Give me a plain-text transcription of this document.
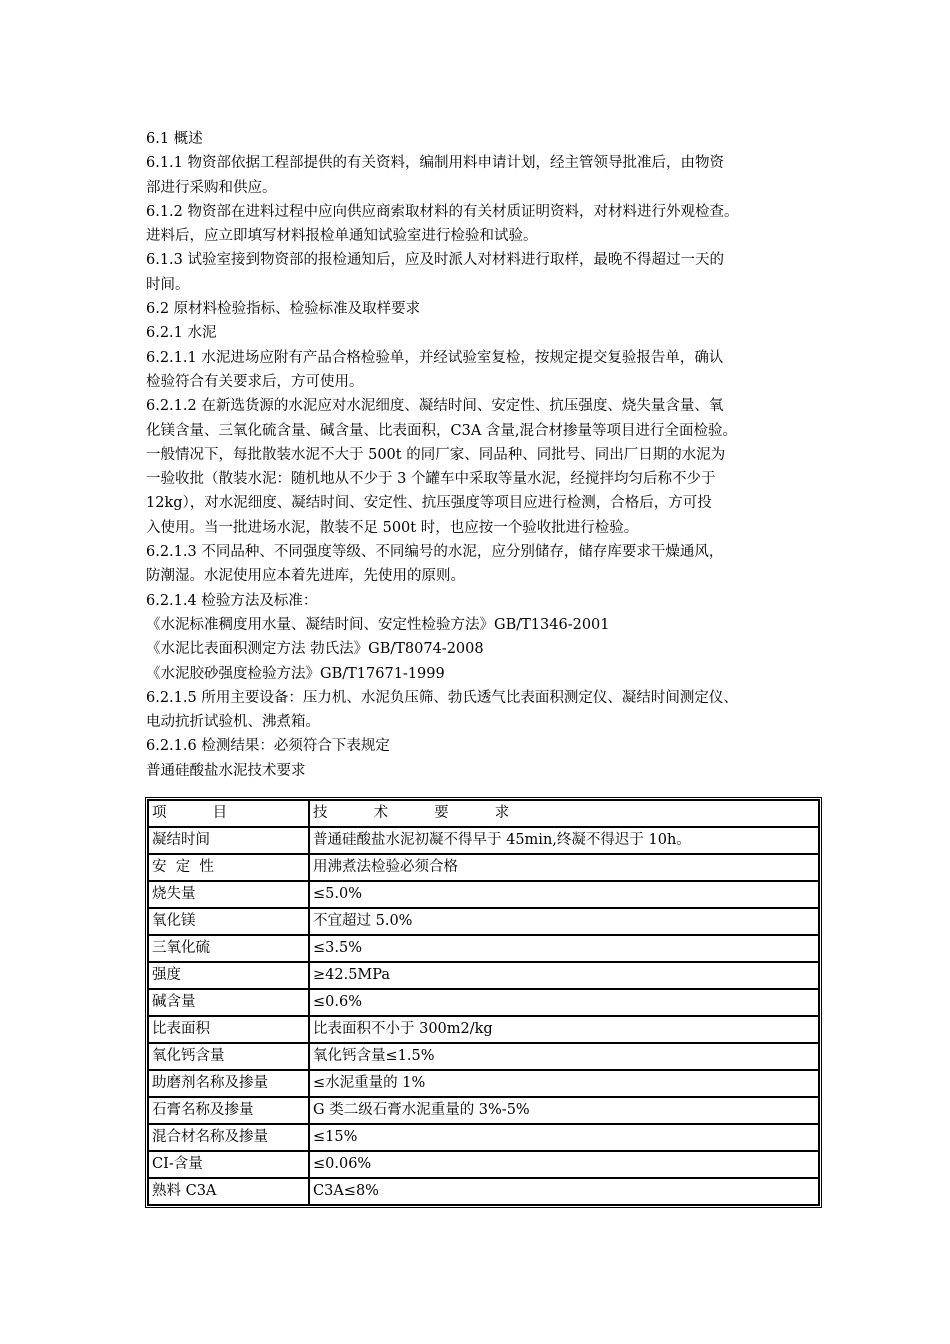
6.1 概述

6.1.1 物资部依据工程部提供的有关资料，编制用料申请计划，经主管领导批准后，由物资

部进行采购和供应。

6.1.2 物资部在进料过程中应向供应商索取材料的有关材质证明资料，对材料进行外观检查。

进料后，应立即填写材料报检单通知试验室进行检验和试验。

6.1.3 试验室接到物资部的报检通知后，应及时派人对材料进行取样，最晚不得超过一天的

时间。

6.2 原材料检验指标、检验标准及取样要求

6.2.1 水泥

6.2.1.1 水泥进场应附有产品合格检验单，并经试验室复检，按规定提交复验报告单，确认

检验符合有关要求后，方可使用。

6.2.1.2 在新选货源的水泥应对水泥细度、凝结时间、安定性、抗压强度、烧失量含量、氧

化镁含量、三氧化硫含量、碱含量、比表面积，C3A 含量,混合材掺量等项目进行全面检验。

一般情况下，每批散装水泥不大于 500t 的同厂家、同品种、同批号、同出厂日期的水泥为

一验收批（散装水泥：随机地从不少于 3 个罐车中采取等量水泥，经搅拌均匀后称不少于

12kg），对水泥细度、凝结时间、安定性、抗压强度等项目应进行检测，合格后，方可投

入使用。当一批进场水泥，散装不足 500t 时，也应按一个验收批进行检验。

6.2.1.3 不同品种、不同强度等级、不同编号的水泥，应分别储存，储存库要求干燥通风，

防潮湿。水泥使用应本着先进库，先使用的原则。

6.2.1.4 检验方法及标准：

《水泥标准稠度用水量、凝结时间、安定性检验方法》GB/T1346-2001

《水泥比表面积测定方法 勃氏法》GB/T8074-2008

《水泥胶砂强度检验方法》GB/T17671-1999

6.2.1.5 所用主要设备：压力机、水泥负压筛、勃氏透气比表面积测定仪、凝结时间测定仪、

电动抗折试验机、沸煮箱。

6.2.1.6 检测结果：必须符合下表规定

普通硅酸盐水泥技术要求

项          目	技          术          要          求
凝结时间	普通硅酸盐水泥初凝不得早于 45min,终凝不得迟于 10h。
安  定  性	用沸煮法检验必须合格
烧失量	≤5.0%
氧化镁	不宜超过 5.0%
三氧化硫	≤3.5%
强度	≥42.5MPa
碱含量	≤0.6%
比表面积	比表面积不小于 300m2/kg
氧化钙含量	氧化钙含量≤1.5%
助磨剂名称及掺量	≤水泥重量的 1%
石膏名称及掺量	G 类二级石膏水泥重量的 3%-5%
混合材名称及掺量	≤15%
CI-含量	≤0.06%
熟料 C3A	C3A≤8%
